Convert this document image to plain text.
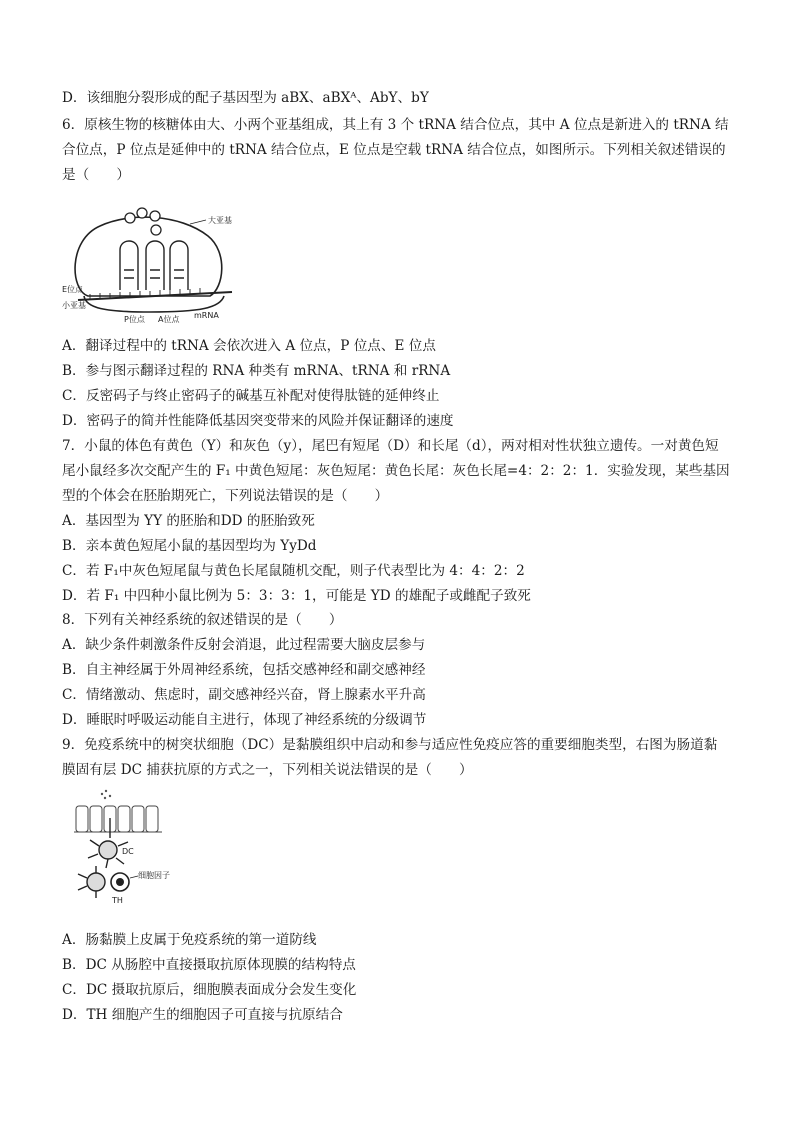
D．该细胞分裂形成的配子基因型为 aBX、aBXᴬ、AbY、bY
6．原核生物的核糖体由大、小两个亚基组成，其上有 3 个 tRNA 结合位点，其中 A 位点是新进入的 tRNA 结
合位点，P 位点是延伸中的 tRNA 结合位点，E 位点是空载 tRNA 结合位点，如图所示。下列相关叙述错误的
是（　　）
大亚基
E位点
小亚基
P位点 A位点 mRNA
A．翻译过程中的 tRNA 会依次进入 A 位点，P 位点、E 位点
B．参与图示翻译过程的 RNA 种类有 mRNA、tRNA 和 rRNA
C．反密码子与终止密码子的碱基互补配对使得肽链的延伸终止
D．密码子的简并性能降低基因突变带来的风险并保证翻译的速度
7．小鼠的体色有黄色（Y）和灰色（y），尾巴有短尾（D）和长尾（d），两对相对性状独立遗传。一对黄色短
尾小鼠经多次交配产生的 F₁ 中黄色短尾：灰色短尾：黄色长尾：灰色长尾=4：2：2：1．实验发现，某些基因
型的个体会在胚胎期死亡，下列说法错误的是（　　）
A．基因型为 YY 的胚胎和DD 的胚胎致死
B．亲本黄色短尾小鼠的基因型均为 YyDd
C．若 F₁中灰色短尾鼠与黄色长尾鼠随机交配，则子代表型比为 4：4：2：2
D．若 F₁ 中四种小鼠比例为 5：3：3：1，可能是 YD 的雄配子或雌配子致死
8．下列有关神经系统的叙述错误的是（　　）
A．缺少条件刺激条件反射会消退，此过程需要大脑皮层参与
B．自主神经属于外周神经系统，包括交感神经和副交感神经
C．情绪激动、焦虑时，副交感神经兴奋，肾上腺素水平升高
D．睡眠时呼吸运动能自主进行，体现了神经系统的分级调节
9．免疫系统中的树突状细胞（DC）是黏膜组织中启动和参与适应性免疫应答的重要细胞类型，右图为肠道黏
膜固有层 DC 捕获抗原的方式之一，下列相关说法错误的是（　　）
DC
细胞因子
TH
A．肠黏膜上皮属于免疫系统的第一道防线
B．DC 从肠腔中直接摄取抗原体现膜的结构特点
C．DC 摄取抗原后，细胞膜表面成分会发生变化
D．TH 细胞产生的细胞因子可直接与抗原结合
